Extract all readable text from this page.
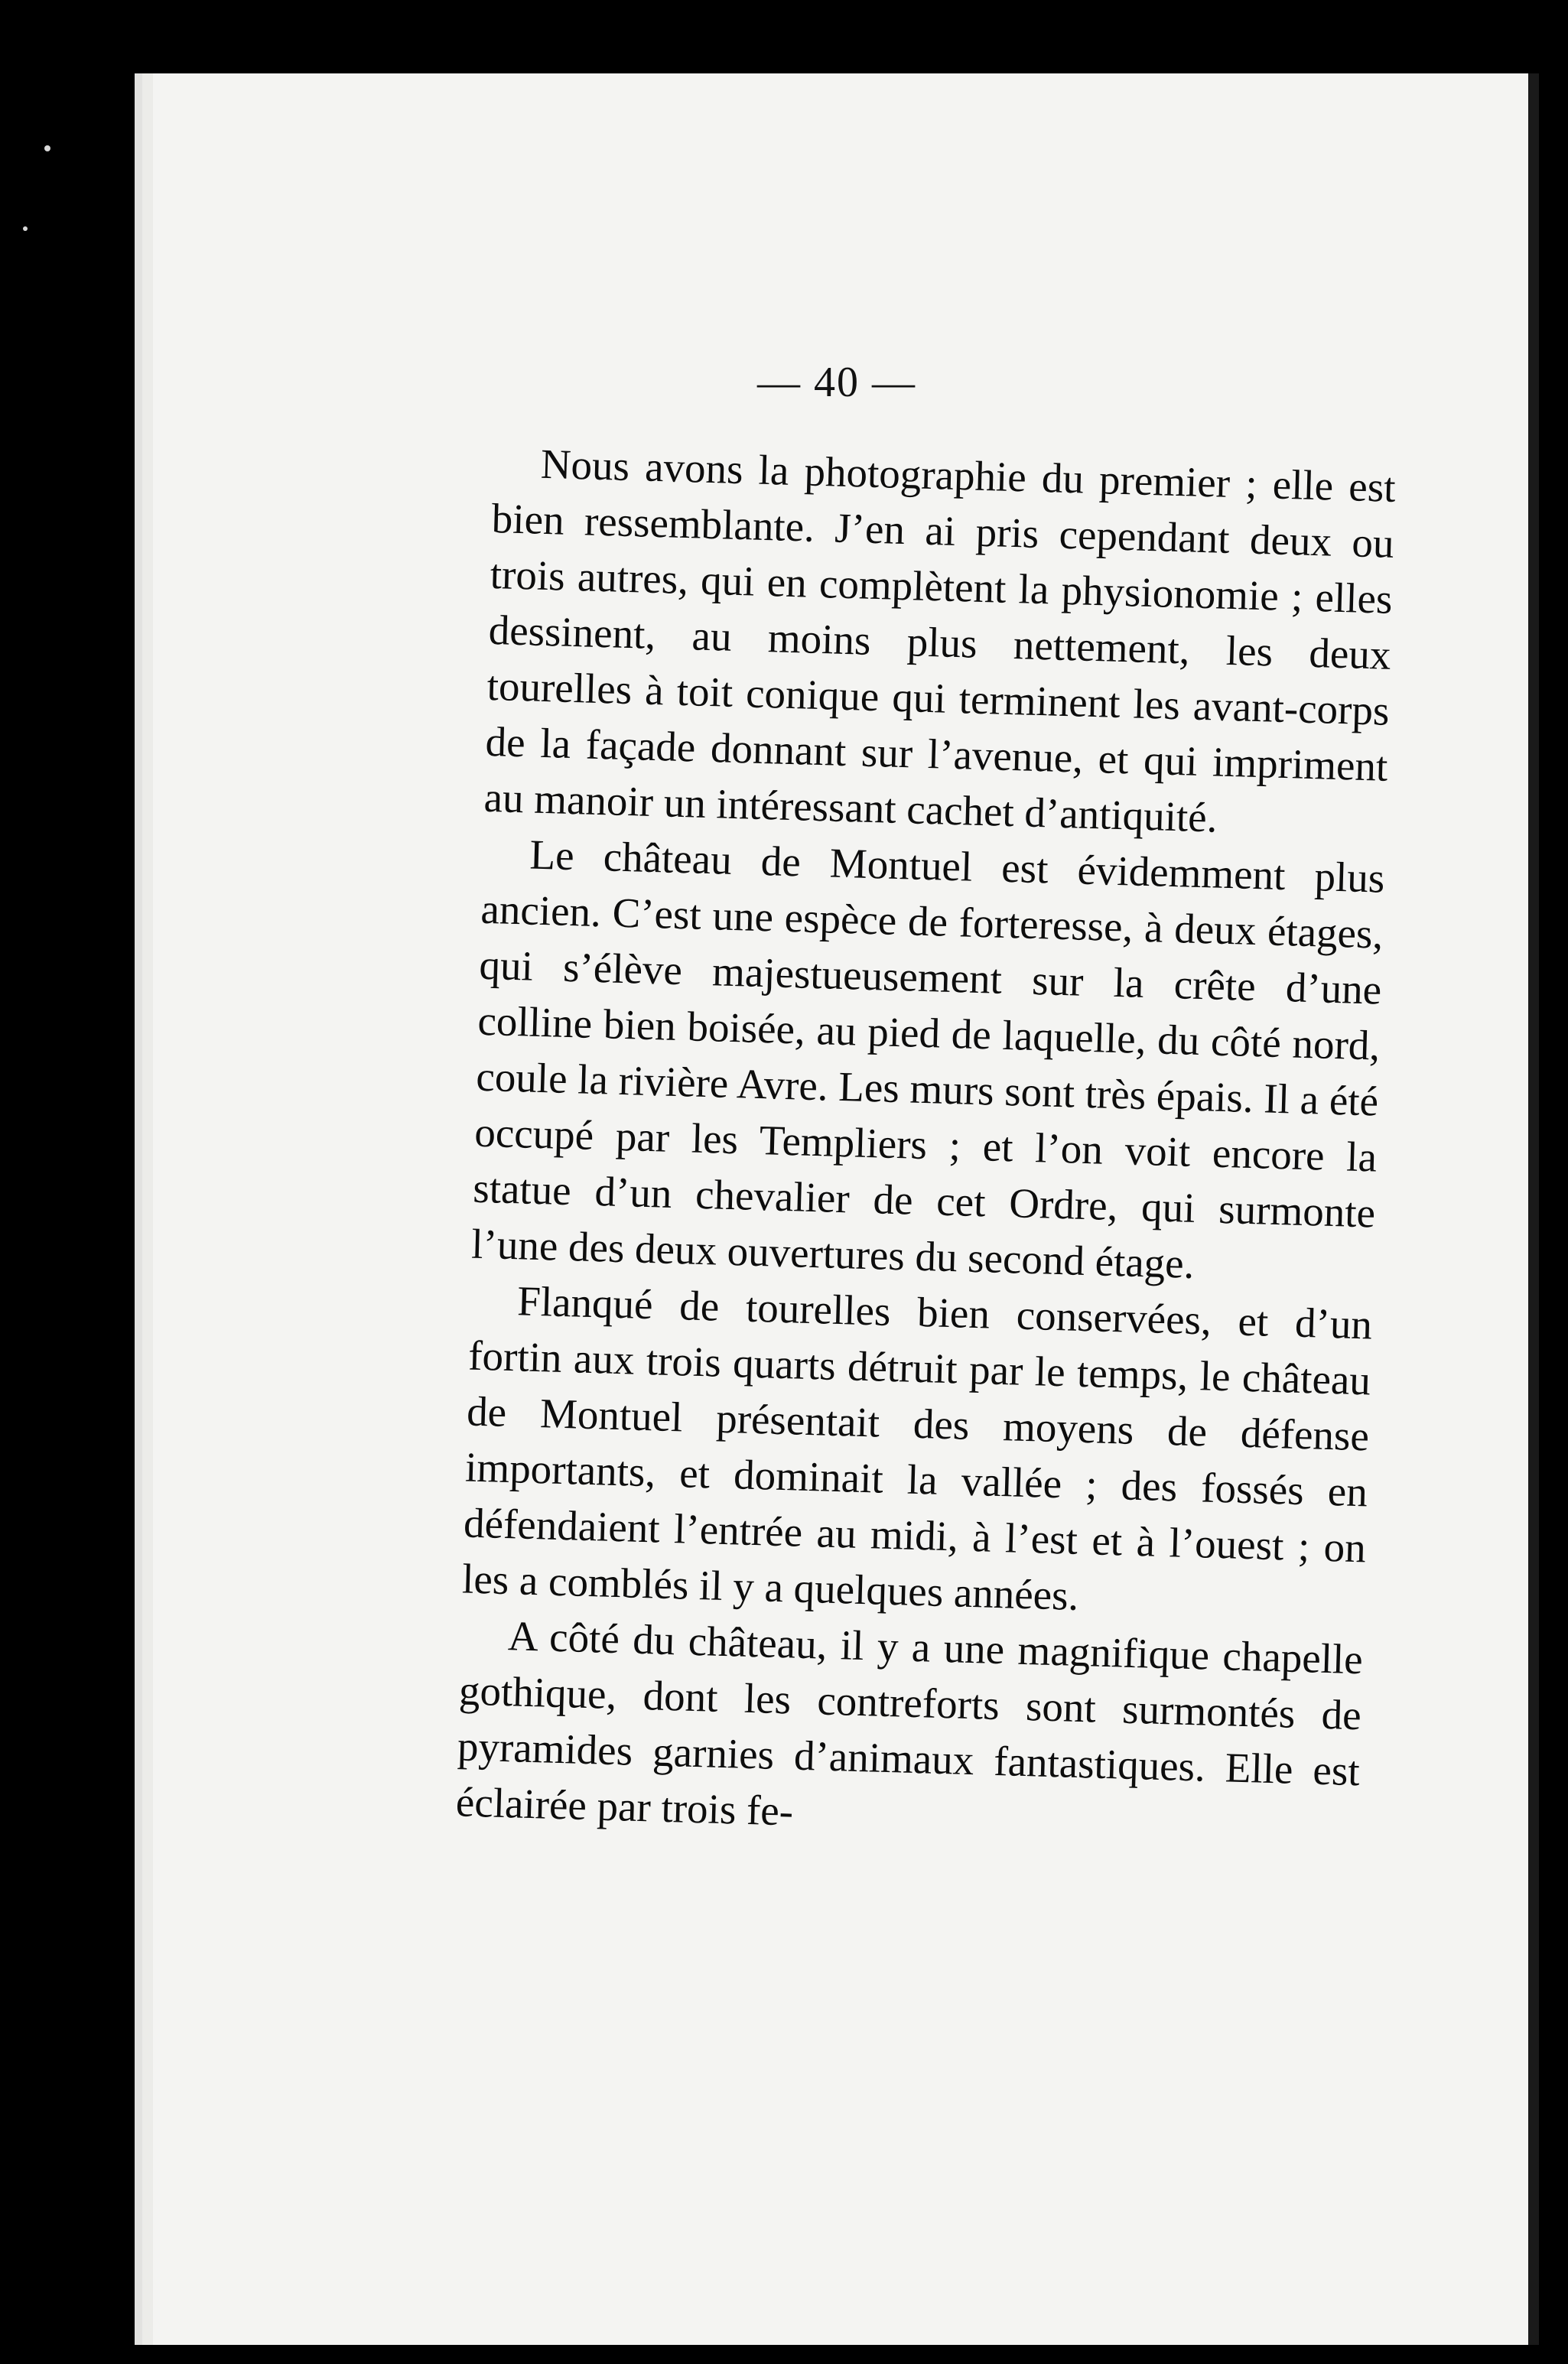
— 40 —

Nous avons la photographie du premier ; elle est bien ressemblante. J’en ai pris cependant deux ou trois autres, qui en complètent la physionomie ; elles dessinent, au moins plus nettement, les deux tourelles à toit conique qui terminent les avant-corps de la façade donnant sur l’avenue, et qui impriment au manoir un intéressant cachet d’antiquité.

Le château de Montuel est évidemment plus ancien. C’est une espèce de forteresse, à deux étages, qui s’élève majestueusement sur la crête d’une colline bien boisée, au pied de laquelle, du côté nord, coule la rivière Avre. Les murs sont très épais. Il a été occupé par les Templiers ; et l’on voit encore la statue d’un chevalier de cet Ordre, qui surmonte l’une des deux ouvertures du second étage.

Flanqué de tourelles bien conservées, et d’un fortin aux trois quarts détruit par le temps, le château de Montuel présentait des moyens de défense importants, et dominait la vallée ; des fossés en défendaient l’entrée au midi, à l’est et à l’ouest ; on les a comblés il y a quelques années.

A côté du château, il y a une magnifique chapelle gothique, dont les contreforts sont surmontés de pyramides garnies d’animaux fantastiques. Elle est éclairée par trois fe-
